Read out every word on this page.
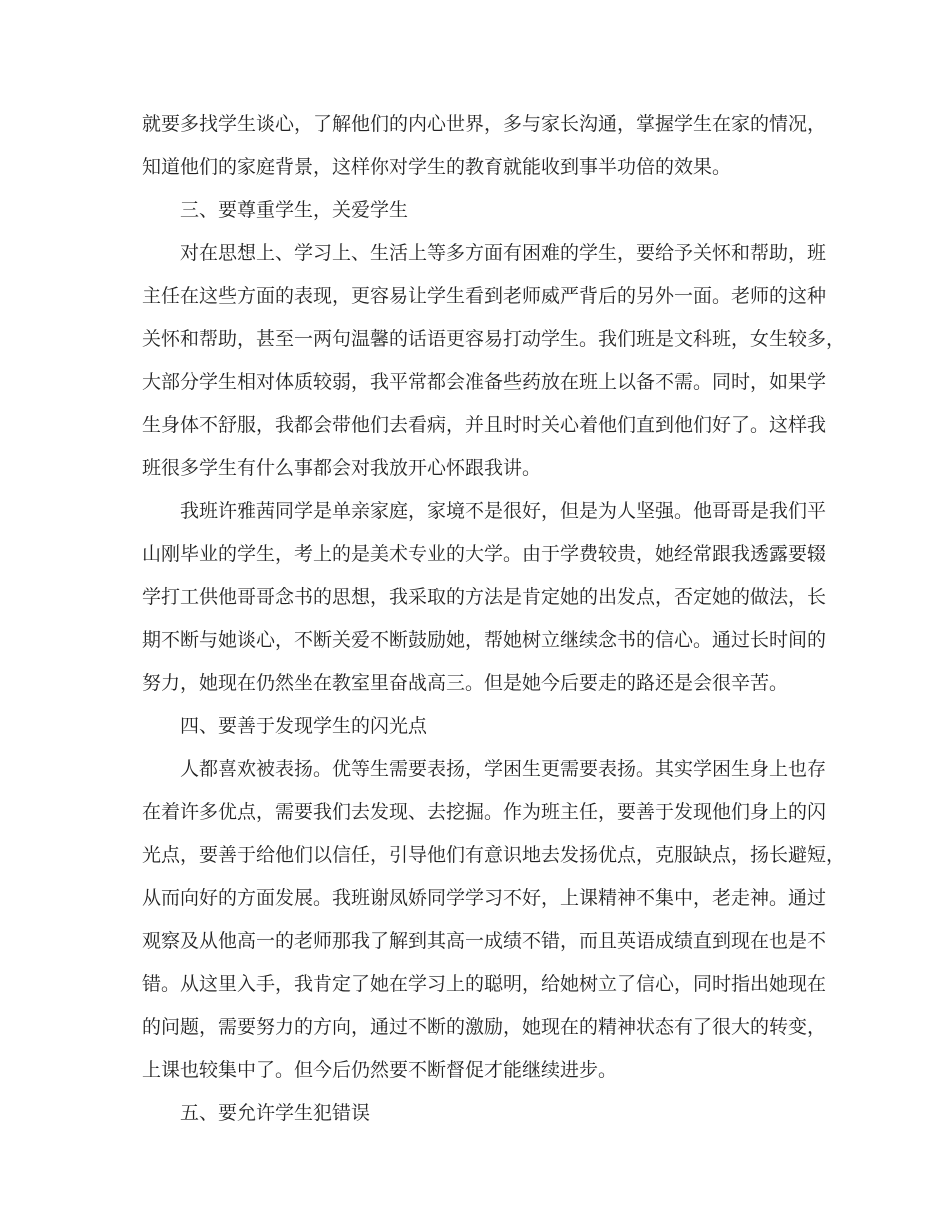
就要多找学生谈心，了解他们的内心世界，多与家长沟通，掌握学生在家的情况，
知道他们的家庭背景，这样你对学生的教育就能收到事半功倍的效果。
三、要尊重学生，关爱学生
对在思想上、学习上、生活上等多方面有困难的学生，要给予关怀和帮助，班
主任在这些方面的表现，更容易让学生看到老师威严背后的另外一面。老师的这种
关怀和帮助，甚至一两句温馨的话语更容易打动学生。我们班是文科班，女生较多，
大部分学生相对体质较弱，我平常都会准备些药放在班上以备不需。同时，如果学
生身体不舒服，我都会带他们去看病，并且时时关心着他们直到他们好了。这样我
班很多学生有什么事都会对我放开心怀跟我讲。
我班许雅茜同学是单亲家庭，家境不是很好，但是为人坚强。他哥哥是我们平
山刚毕业的学生，考上的是美术专业的大学。由于学费较贵，她经常跟我透露要辍
学打工供他哥哥念书的思想，我采取的方法是肯定她的出发点，否定她的做法，长
期不断与她谈心，不断关爱不断鼓励她，帮她树立继续念书的信心。通过长时间的
努力，她现在仍然坐在教室里奋战高三。但是她今后要走的路还是会很辛苦。
四、要善于发现学生的闪光点
人都喜欢被表扬。优等生需要表扬，学困生更需要表扬。其实学困生身上也存
在着许多优点，需要我们去发现、去挖掘。作为班主任，要善于发现他们身上的闪
光点，要善于给他们以信任，引导他们有意识地去发扬优点，克服缺点，扬长避短，
从而向好的方面发展。我班谢凤娇同学学习不好，上课精神不集中，老走神。通过
观察及从他高一的老师那我了解到其高一成绩不错，而且英语成绩直到现在也是不
错。从这里入手，我肯定了她在学习上的聪明，给她树立了信心，同时指出她现在
的问题，需要努力的方向，通过不断的激励，她现在的精神状态有了很大的转变，
上课也较集中了。但今后仍然要不断督促才能继续进步。
五、要允许学生犯错误
